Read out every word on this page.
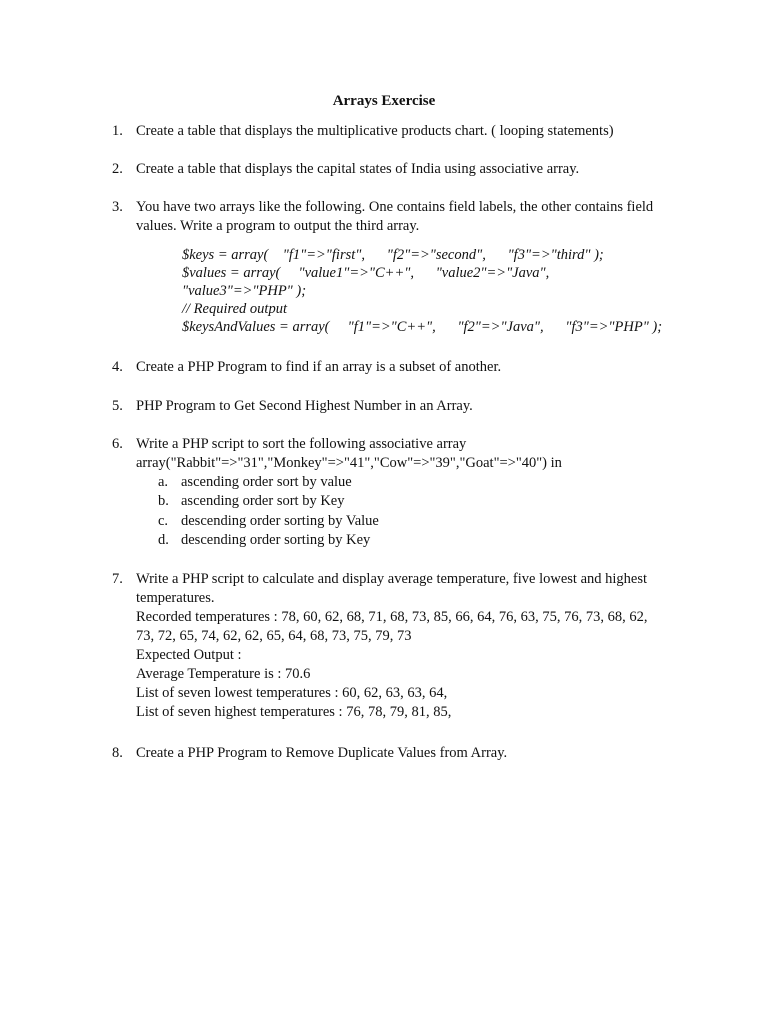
Arrays Exercise
1. Create a table that displays the multiplicative products chart. ( looping statements)
2. Create a table that displays the capital states of India using associative array.
3. You have two arrays like the following. One contains field labels, the other contains field
values. Write a program to output the third array.
$keys = array(    "f1"=>"first",      "f2"=>"second",      "f3"=>"third" );
$values = array(     "value1"=>"C++",      "value2"=>"Java",
"value3"=>"PHP" );
// Required output
$keysAndValues = array(     "f1"=>"C++",      "f2"=>"Java",      "f3"=>"PHP" );
4. Create a PHP Program to find if an array is a subset of another.
5. PHP Program to Get Second Highest Number in an Array.
6. Write a PHP script to sort the following associative array
array("Rabbit"=>"31","Monkey"=>"41","Cow"=>"39","Goat"=>"40") in
a. ascending order sort by value
b. ascending order sort by Key
c. descending order sorting by Value
d. descending order sorting by Key
7. Write a PHP script to calculate and display average temperature, five lowest and highest
temperatures.
Recorded temperatures : 78, 60, 62, 68, 71, 68, 73, 85, 66, 64, 76, 63, 75, 76, 73, 68, 62,
73, 72, 65, 74, 62, 62, 65, 64, 68, 73, 75, 79, 73
Expected Output :
Average Temperature is : 70.6
List of seven lowest temperatures : 60, 62, 63, 63, 64,
List of seven highest temperatures : 76, 78, 79, 81, 85,
8. Create a PHP Program to Remove Duplicate Values from Array.
